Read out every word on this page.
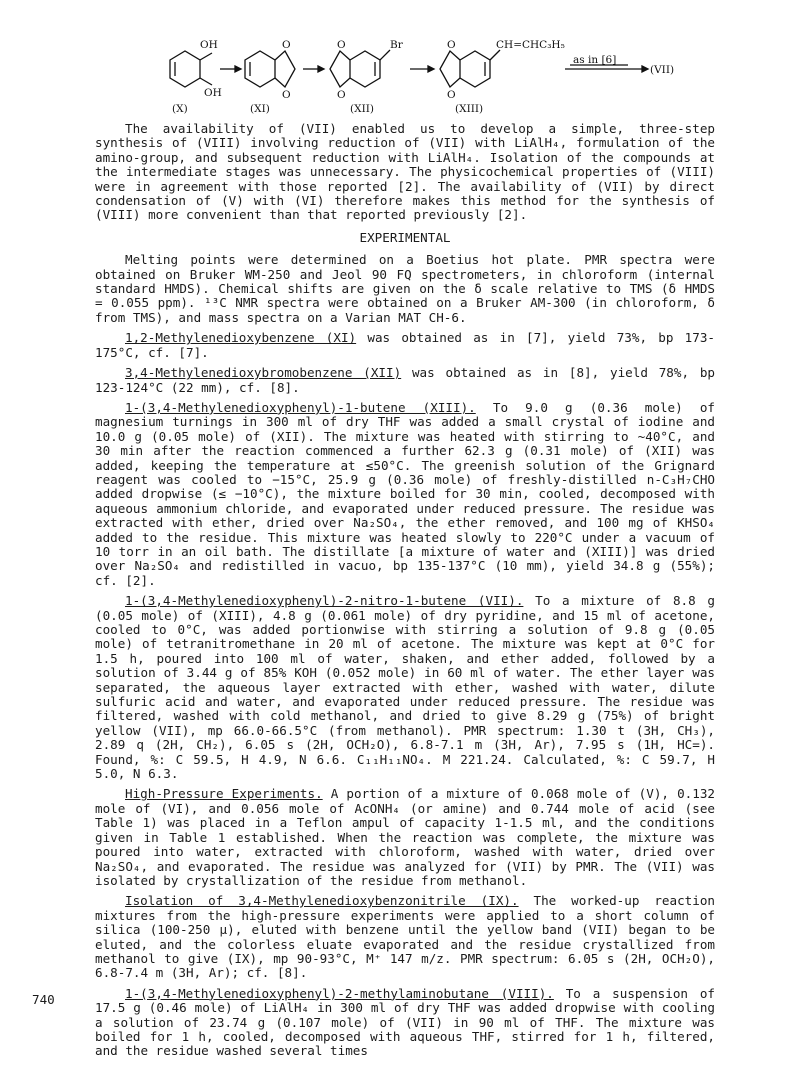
OH
OH
O
O
O
O
Br	O
O
CH=CHC₃H₅
as in [6]
(VII)
(X)	(XI)	(XII)	(XIII)

The availability of (VII) enabled us to develop a simple, three-step synthesis of (VIII) involving reduction of (VII) with LiAlH₄, formulation of the amino-group, and subsequent reduction with LiAlH₄. Isolation of the compounds at the intermediate stages was unnecessary. The physicochemical properties of (VIII) were in agreement with those reported [2]. The availability of (VII) by direct condensation of (V) with (VI) therefore makes this method for the synthesis of (VIII) more convenient than that reported previously [2].

EXPERIMENTAL

Melting points were determined on a Boetius hot plate. PMR spectra were obtained on Bruker WM-250 and Jeol 90 FQ spectrometers, in chloroform (internal standard HMDS). Chemical shifts are given on the δ scale relative to TMS (δ HMDS = 0.055 ppm). ¹³C NMR spectra were obtained on a Bruker AM-300 (in chloroform, δ from TMS), and mass spectra on a Varian MAT CH-6.

1,2-Methylenedioxybenzene (XI) was obtained as in [7], yield 73%, bp 173-175°C, cf. [7].

3,4-Methylenedioxybromobenzene (XII) was obtained as in [8], yield 78%, bp 123-124°C (22 mm), cf. [8].

1-(3,4-Methylenedioxyphenyl)-1-butene (XIII). To 9.0 g (0.36 mole) of magnesium turnings in 300 ml of dry THF was added a small crystal of iodine and 10.0 g (0.05 mole) of (XII). The mixture was heated with stirring to ~40°C, and 30 min after the reaction commenced a further 62.3 g (0.31 mole) of (XII) was added, keeping the temperature at ≤50°C. The greenish solution of the Grignard reagent was cooled to −15°C, 25.9 g (0.36 mole) of freshly-distilled n-C₃H₇CHO added dropwise (≤ −10°C), the mixture boiled for 30 min, cooled, decomposed with aqueous ammonium chloride, and evaporated under reduced pressure. The residue was extracted with ether, dried over Na₂SO₄, the ether removed, and 100 mg of KHSO₄ added to the residue. This mixture was heated slowly to 220°C under a vacuum of 10 torr in an oil bath. The distillate [a mixture of water and (XIII)] was dried over Na₂SO₄ and redistilled in vacuo, bp 135-137°C (10 mm), yield 34.8 g (55%); cf. [2].

1-(3,4-Methylenedioxyphenyl)-2-nitro-1-butene (VII). To a mixture of 8.8 g (0.05 mole) of (XIII), 4.8 g (0.061 mole) of dry pyridine, and 15 ml of acetone, cooled to 0°C, was added portionwise with stirring a solution of 9.8 g (0.05 mole) of tetranitromethane in 20 ml of acetone. The mixture was kept at 0°C for 1.5 h, poured into 100 ml of water, shaken, and ether added, followed by a solution of 3.44 g of 85% KOH (0.052 mole) in 60 ml of water. The ether layer was separated, the aqueous layer extracted with ether, washed with water, dilute sulfuric acid and water, and evaporated under reduced pressure. The residue was filtered, washed with cold methanol, and dried to give 8.29 g (75%) of bright yellow (VII), mp 66.0-66.5°C (from methanol). PMR spectrum: 1.30 t (3H, CH₃), 2.89 q (2H, CH₂), 6.05 s (2H, OCH₂O), 6.8-7.1 m (3H, Ar), 7.95 s (1H, HC=). Found, %: C 59.5, H 4.9, N 6.6. C₁₁H₁₁NO₄. M 221.24. Calculated, %: C 59.7, H 5.0, N 6.3.

High-Pressure Experiments. A portion of a mixture of 0.068 mole of (V), 0.132 mole of (VI), and 0.056 mole of AcONH₄ (or amine) and 0.744 mole of acid (see Table 1) was placed in a Teflon ampul of capacity 1-1.5 ml, and the conditions given in Table 1 established. When the reaction was complete, the mixture was poured into water, extracted with chloroform, washed with water, dried over Na₂SO₄, and evaporated. The residue was analyzed for (VII) by PMR. The (VII) was isolated by crystallization of the residue from methanol.

Isolation of 3,4-Methylenedioxybenzonitrile (IX). The worked-up reaction mixtures from the high-pressure experiments were applied to a short column of silica (100-250 μ), eluted with benzene until the yellow band (VII) began to be eluted, and the colorless eluate evaporated and the residue crystallized from methanol to give (IX), mp 90-93°C, M⁺ 147 m/z. PMR spectrum: 6.05 s (2H, OCH₂O), 6.8-7.4 m (3H, Ar); cf. [8].

1-(3,4-Methylenedioxyphenyl)-2-methylaminobutane (VIII). To a suspension of 17.5 g (0.46 mole) of LiAlH₄ in 300 ml of dry THF was added dropwise with cooling a solution of 23.74 g (0.107 mole) of (VII) in 90 ml of THF. The mixture was boiled for 1 h, cooled, decomposed with aqueous THF, stirred for 1 h, filtered, and the residue washed several times

740
